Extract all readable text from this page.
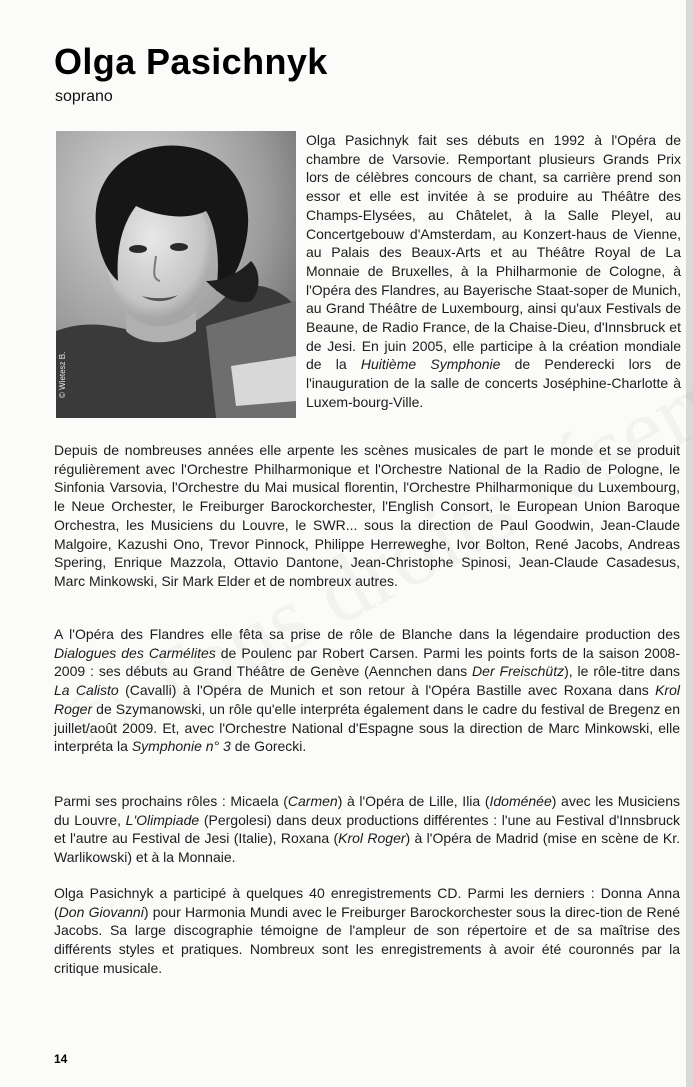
Olga Pasichnyk
soprano
© Wietesz B.

Olga Pasichnyk fait ses débuts en 1992 à l'Opéra de chambre de Varsovie. Remportant plusieurs Grands Prix lors de célèbres concours de chant, sa carrière prend son essor et elle est invitée à se produire au Théâtre des Champs-Elysées, au Châtelet, à la Salle Pleyel, au Concertgebouw d'Amsterdam, au Konzert-haus de Vienne, au Palais des Beaux-Arts et au Théâtre Royal de La Monnaie de Bruxelles, à la Philharmonie de Cologne, à l'Opéra des Flandres, au Bayerische Staat-soper de Munich, au Grand Théâtre de Luxembourg, ainsi qu'aux Festivals de Beaune, de Radio France, de la Chaise-Dieu, d'Innsbruck et de Jesi. En juin 2005, elle participe à la création mondiale de la Huitième Symphonie de Penderecki lors de l'inauguration de la salle de concerts Joséphine-Charlotte à Luxem-bourg-Ville.

Depuis de nombreuses années elle arpente les scènes musicales de part le monde et se produit régulièrement avec l'Orchestre Philharmonique et l'Orchestre National de la Radio de Pologne, le Sinfonia Varsovia, l'Orchestre du Mai musical florentin, l'Orchestre Philharmonique du Luxembourg, le Neue Orchester, le Freiburger Barockorchester, l'English Consort, le European Union Baroque Orchestra, les Musiciens du Louvre, le SWR... sous la direction de Paul Goodwin, Jean-Claude Malgoire, Kazushi Ono, Trevor Pinnock, Philippe Herreweghe, Ivor Bolton, René Jacobs, Andreas Spering, Enrique Mazzola, Ottavio Dantone, Jean-Christophe Spinosi, Jean-Claude Casadesus, Marc Minkowski, Sir Mark Elder et de nombreux autres.

A l'Opéra des Flandres elle fêta sa prise de rôle de Blanche dans la légendaire production des Dialogues des Carmélites de Poulenc par Robert Carsen. Parmi les points forts de la saison 2008-2009 : ses débuts au Grand Théâtre de Genève (Aennchen dans Der Freischütz), le rôle-titre dans La Calisto (Cavalli) à l'Opéra de Munich et son retour à l'Opéra Bastille avec Roxana dans Krol Roger de Szymanowski, un rôle qu'elle interpréta également dans le cadre du festival de Bregenz en juillet/août 2009. Et, avec l'Orchestre National d'Espagne sous la direction de Marc Minkowski, elle interpréta la Symphonie n° 3 de Gorecki.

Parmi ses prochains rôles : Micaela (Carmen) à l'Opéra de Lille, Ilia (Idoménée) avec les Musiciens du Louvre, L'Olimpiade (Pergolesi) dans deux productions différentes : l'une au Festival d'Innsbruck et l'autre au Festival de Jesi (Italie), Roxana (Krol Roger) à l'Opéra de Madrid (mise en scène de Kr. Warlikowski) et à la Monnaie.

Olga Pasichnyk a participé à quelques 40 enregistrements CD. Parmi les derniers : Donna Anna (Don Giovanni) pour Harmonia Mundi avec le Freiburger Barockorchester sous la direc-tion de René Jacobs. Sa large discographie témoigne de l'ampleur de son répertoire et de sa maîtrise des différents styles et pratiques. Nombreux sont les enregistrements à avoir été couronnés par la critique musicale.

14
